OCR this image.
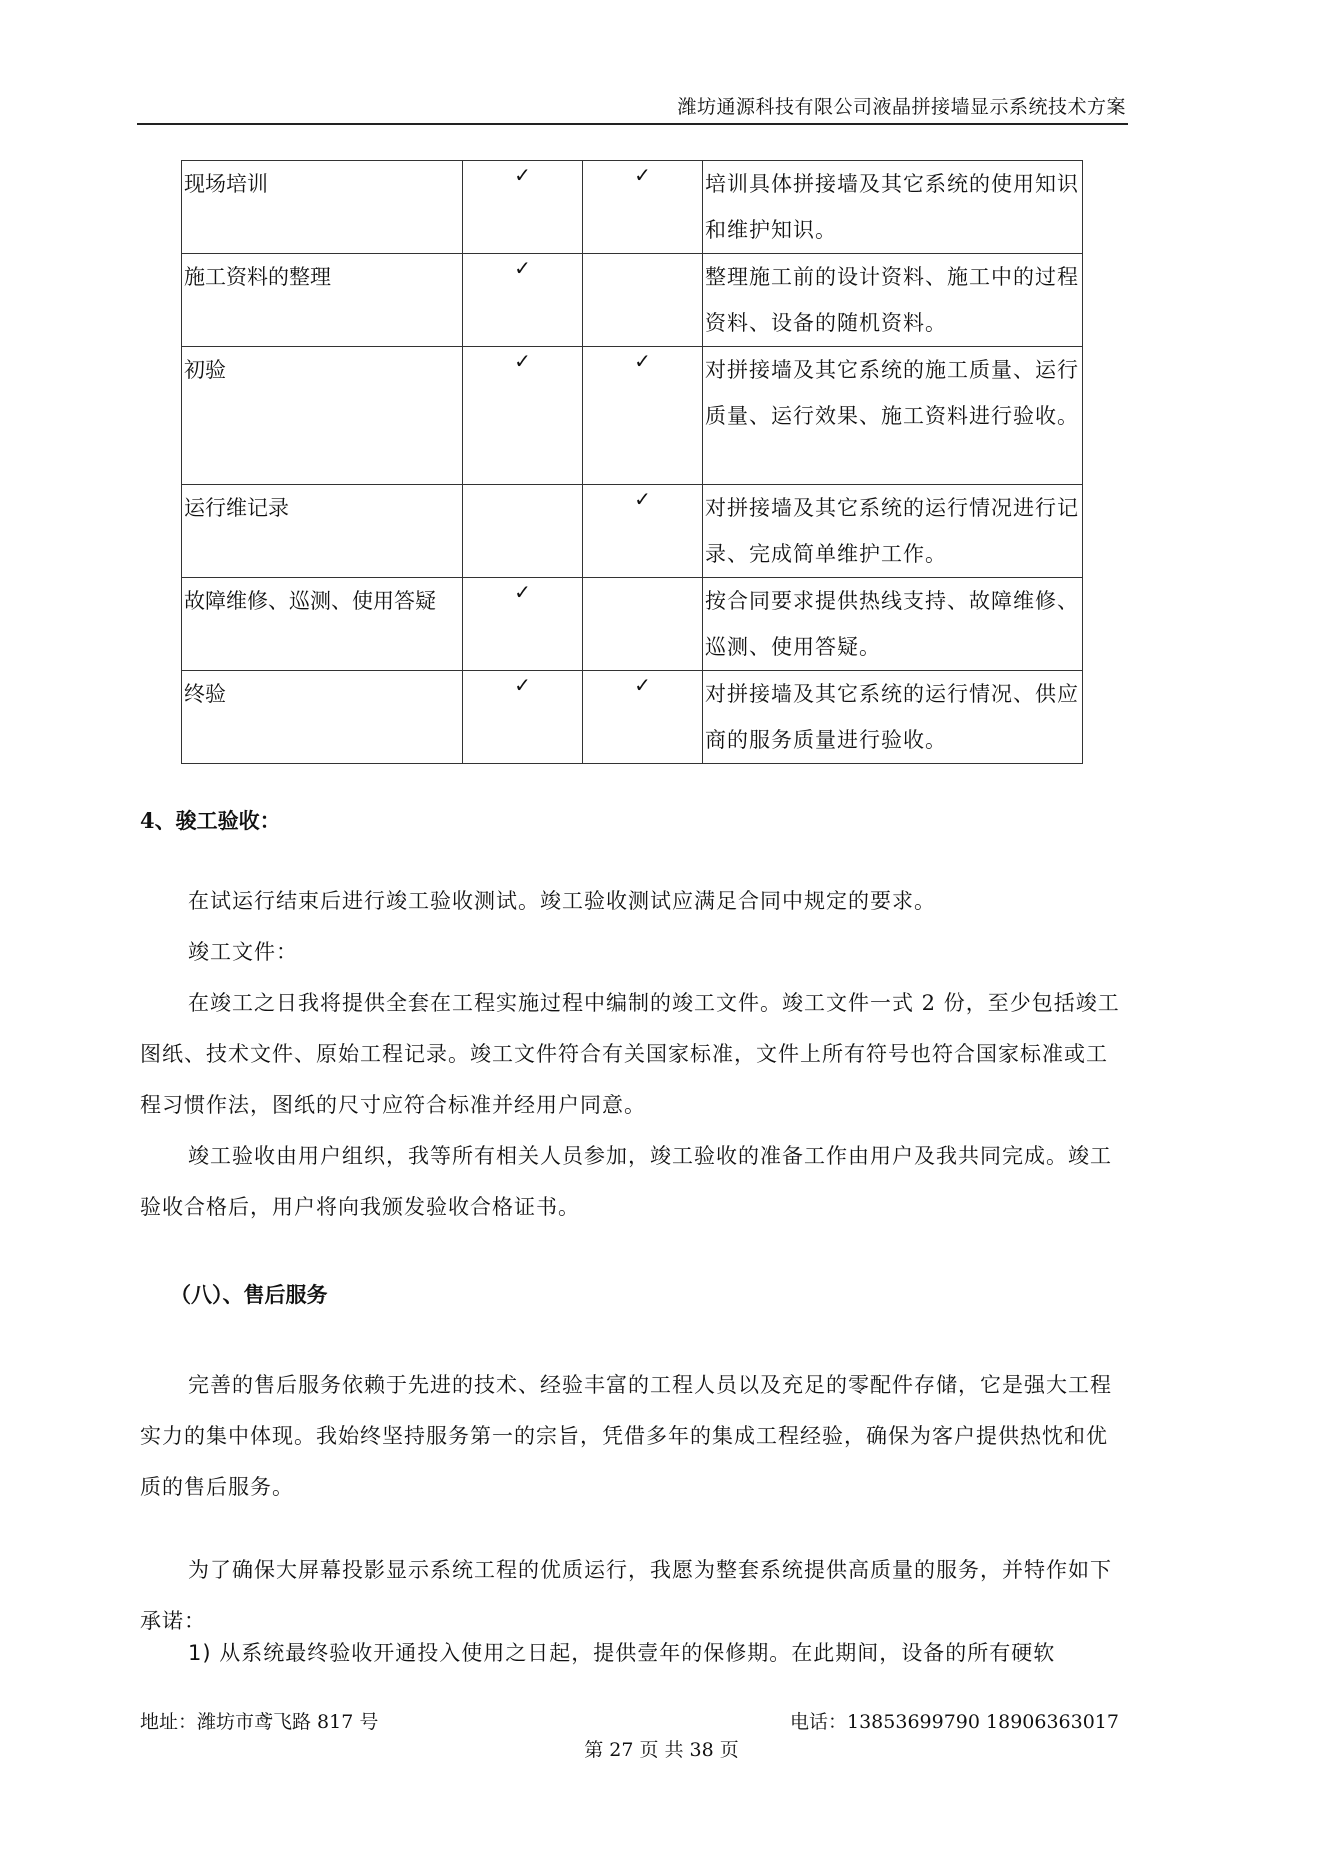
潍坊通源科技有限公司液晶拼接墙显示系统技术方案
现场培训	✓	✓	培训具体拼接墙及其它系统的使用知识和维护知识。
施工资料的整理	✓		整理施工前的设计资料、施工中的过程资料、设备的随机资料。
初验	✓	✓	对拼接墙及其它系统的施工质量、运行质量、运行效果、施工资料进行验收。
运行维记录		✓	对拼接墙及其它系统的运行情况进行记录、完成简单维护工作。
故障维修、巡测、使用答疑	✓		按合同要求提供热线支持、故障维修、巡测、使用答疑。
终验	✓	✓	对拼接墙及其它系统的运行情况、供应商的服务质量进行验收。
4、骏工验收：
在试运行结束后进行竣工验收测试。竣工验收测试应满足合同中规定的要求。
竣工文件：
在竣工之日我将提供全套在工程实施过程中编制的竣工文件。竣工文件一式 2 份，至少包括竣工图纸、技术文件、原始工程记录。竣工文件符合有关国家标准，文件上所有符号也符合国家标准或工程习惯作法，图纸的尺寸应符合标准并经用户同意。
竣工验收由用户组织，我等所有相关人员参加，竣工验收的准备工作由用户及我共同完成。竣工验收合格后，用户将向我颁发验收合格证书。
（八）、售后服务
完善的售后服务依赖于先进的技术、经验丰富的工程人员以及充足的零配件存储，它是强大工程实力的集中体现。我始终坚持服务第一的宗旨，凭借多年的集成工程经验，确保为客户提供热忱和优质的售后服务。
为了确保大屏幕投影显示系统工程的优质运行，我愿为整套系统提供高质量的服务，并特作如下承诺：
1) 从系统最终验收开通投入使用之日起，提供壹年的保修期。在此期间，设备的所有硬软
地址：潍坊市鸢飞路 817 号	电话：13853699790 18906363017
第 27 页 共 38 页
